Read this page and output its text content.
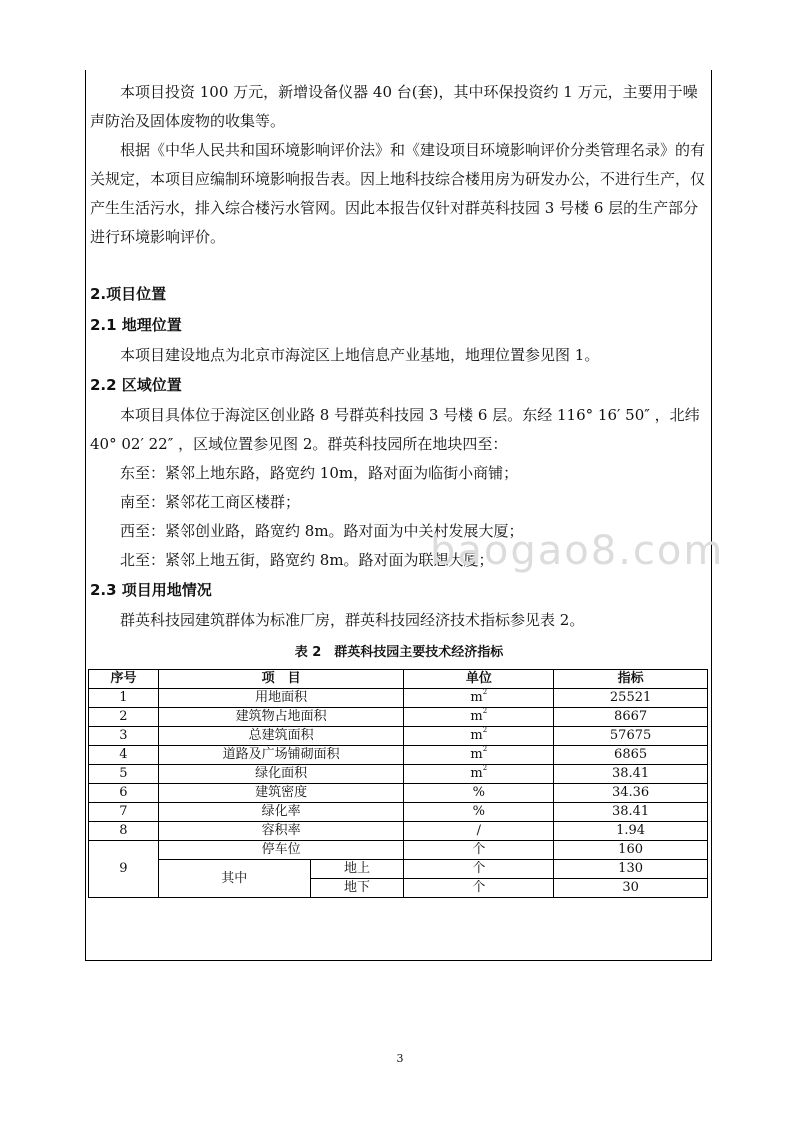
本项目投资 100 万元，新增设备仪器 40 台(套)，其中环保投资约 1 万元，主要用于噪声防治及固体废物的收集等。

根据《中华人民共和国环境影响评价法》和《建设项目环境影响评价分类管理名录》的有关规定，本项目应编制环境影响报告表。因上地科技综合楼用房为研发办公，不进行生产，仅产生生活污水，排入综合楼污水管网。因此本报告仅针对群英科技园 3 号楼 6 层的生产部分进行环境影响评价。

2.项目位置

2.1 地理位置

本项目建设地点为北京市海淀区上地信息产业基地，地理位置参见图 1。

2.2 区域位置

本项目具体位于海淀区创业路 8 号群英科技园 3 号楼 6 层。东经 116° 16′ 50″ ，北纬 40° 02′ 22″ ，区域位置参见图 2。群英科技园所在地块四至：

东至：紧邻上地东路，路宽约 10m，路对面为临街小商铺；

南至：紧邻花工商区楼群；

西至：紧邻创业路，路宽约 8m。路对面为中关村发展大厦；

北至：紧邻上地五街，路宽约 8m。路对面为联想大厦；

2.3 项目用地情况

群英科技园建筑群体为标准厂房，群英科技园经济技术指标参见表 2。

表 2　群英科技园主要技术经济指标
序号	项　目		单位	指标
1	用地面积		$m^2$	25521
2	建筑物占地面积		$m^2$	8667
3	总建筑面积		$m^2$	57675
4	道路及广场铺砌面积		$m^2$	6865
5	绿化面积		$m^2$	38.41
6	建筑密度		%	34.36
7	绿化率		%	38.41
8	容积率		/	1.94
9	停车位		个	160
	其中	地上	个	130
		地下	个	30
baogao8.com
3
